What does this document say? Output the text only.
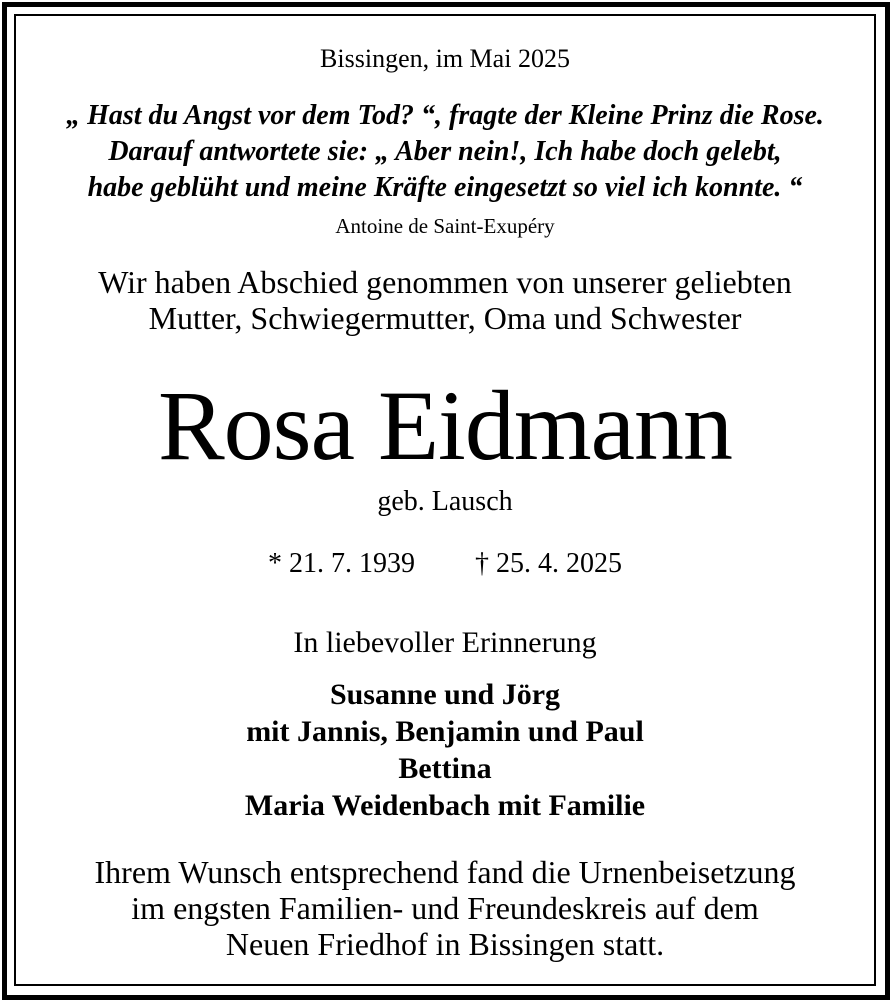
Bissingen, im Mai 2025
„ Hast du Angst vor dem Tod? “, fragte der Kleine Prinz die Rose.
Darauf antwortete sie: „ Aber nein!, Ich habe doch gelebt,
habe geblüht und meine Kräfte eingesetzt so viel ich konnte. “
Antoine de Saint-Exupéry
Wir haben Abschied genommen von unserer geliebten
Mutter, Schwiegermutter, Oma und Schwester
Rosa Eidmann
geb. Lausch
* 21. 7. 1939 † 25. 4. 2025
In liebevoller Erinnerung
Susanne und Jörg
mit Jannis, Benjamin und Paul
Bettina
Maria Weidenbach mit Familie
Ihrem Wunsch entsprechend fand die Urnenbeisetzung
im engsten Familien- und Freundeskreis auf dem
Neuen Friedhof in Bissingen statt.
